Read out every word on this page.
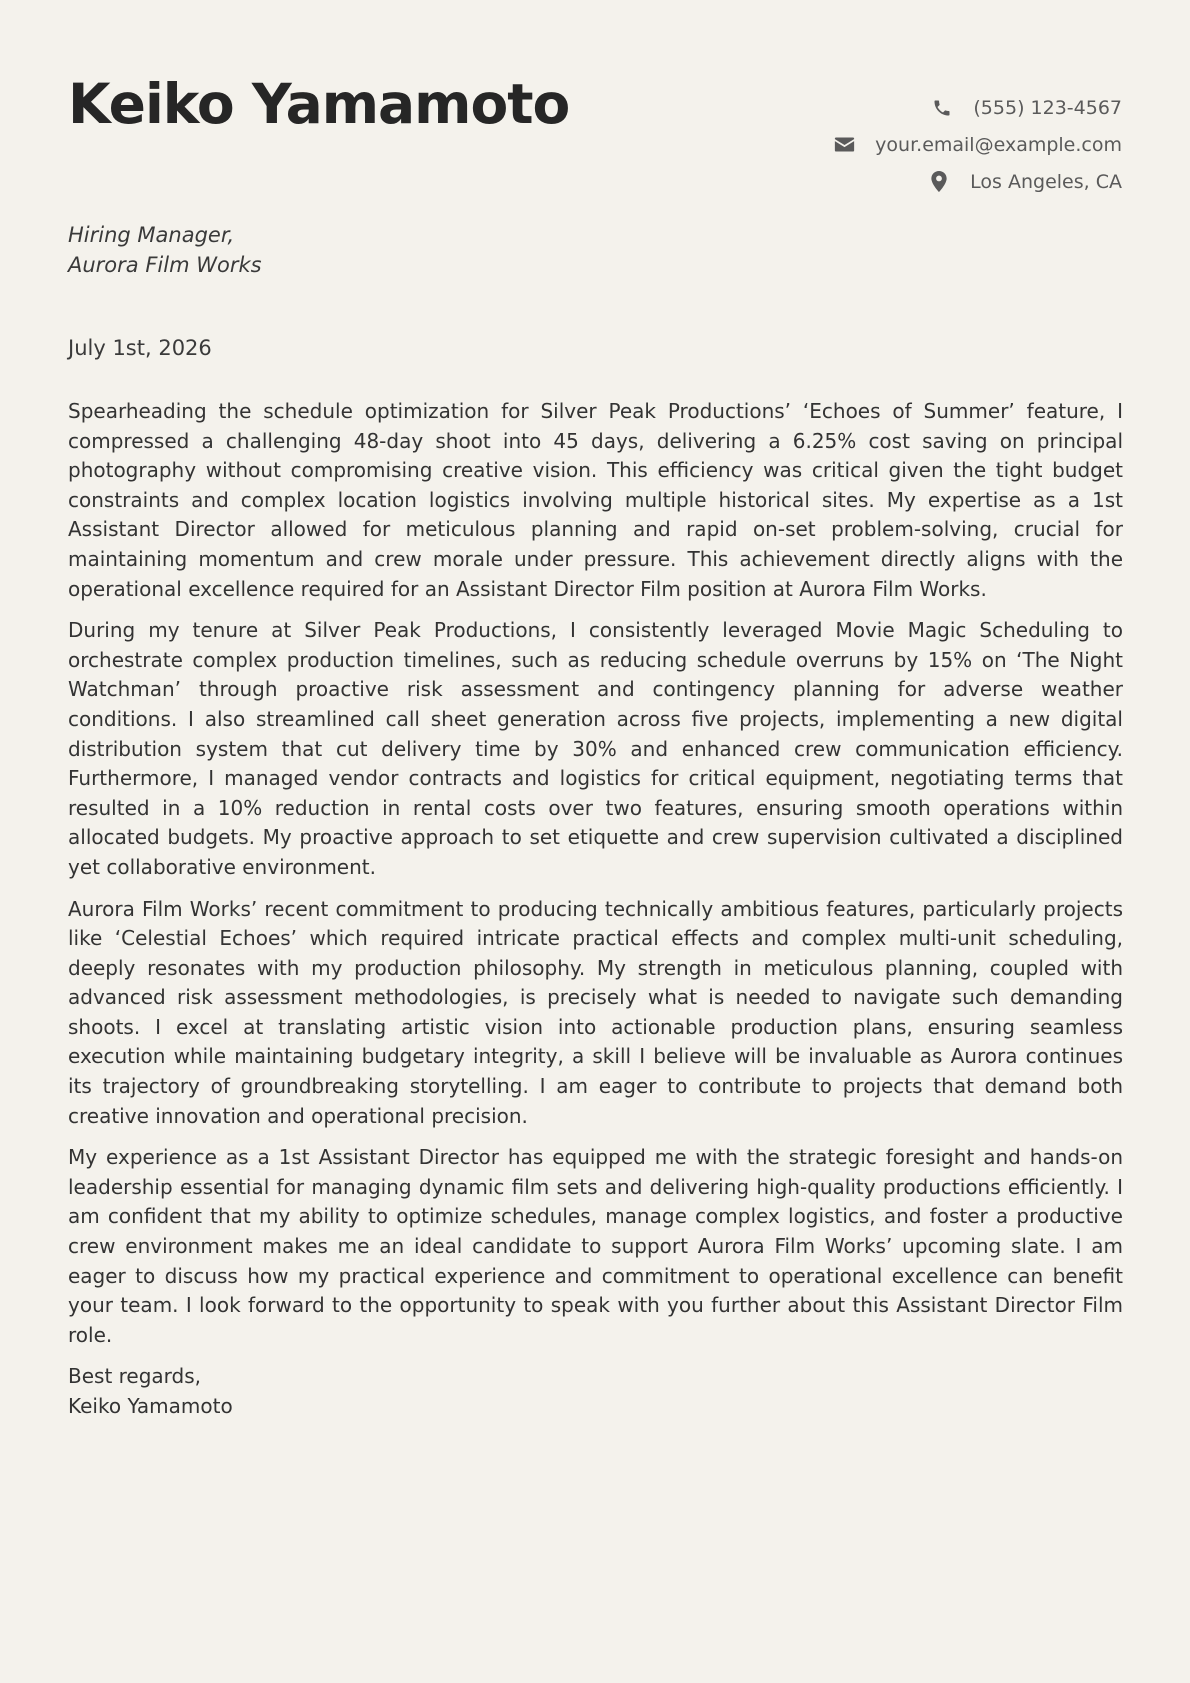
Keiko Yamamoto	(555) 123-4567
your.email@example.com
Los Angeles, CA
Hiring Manager,
Aurora Film Works
July 1st, 2026

Spearheading the schedule optimization for Silver Peak Productions’ ‘Echoes of Summer’ feature, I compressed a challenging 48-day shoot into 45 days, delivering a 6.25% cost saving on principal photography without compromising creative vision. This efficiency was critical given the tight budget constraints and complex location logistics involving multiple historical sites. My expertise as a 1st Assistant Director allowed for meticulous planning and rapid on-set problem-solving, crucial for maintaining momentum and crew morale under pressure. This achievement directly aligns with the operational excellence required for an Assistant Director Film position at Aurora Film Works.

During my tenure at Silver Peak Productions, I consistently leveraged Movie Magic Scheduling to orchestrate complex production timelines, such as reducing schedule overruns by 15% on ‘The Night Watchman’ through proactive risk assessment and contingency planning for adverse weather conditions. I also streamlined call sheet generation across five projects, implementing a new digital distribution system that cut delivery time by 30% and enhanced crew communication efficiency. Furthermore, I managed vendor contracts and logistics for critical equipment, negotiating terms that resulted in a 10% reduction in rental costs over two features, ensuring smooth operations within allocated budgets. My proactive approach to set etiquette and crew supervision cultivated a disciplined yet collaborative environment.

Aurora Film Works’ recent commitment to producing technically ambitious features, particularly projects like ‘Celestial Echoes’ which required intricate practical effects and complex multi-unit scheduling, deeply resonates with my production philosophy. My strength in meticulous planning, coupled with advanced risk assessment methodologies, is precisely what is needed to navigate such demanding shoots. I excel at translating artistic vision into actionable production plans, ensuring seamless execution while maintaining budgetary integrity, a skill I believe will be invaluable as Aurora continues its trajectory of groundbreaking storytelling. I am eager to contribute to projects that demand both creative innovation and operational precision.

My experience as a 1st Assistant Director has equipped me with the strategic foresight and hands-on leadership essential for managing dynamic film sets and delivering high-quality productions efficiently. I am confident that my ability to optimize schedules, manage complex logistics, and foster a productive crew environment makes me an ideal candidate to support Aurora Film Works’ upcoming slate. I am eager to discuss how my practical experience and commitment to operational excellence can benefit your team. I look forward to the opportunity to speak with you further about this Assistant Director Film role.

Best regards,
Keiko Yamamoto
